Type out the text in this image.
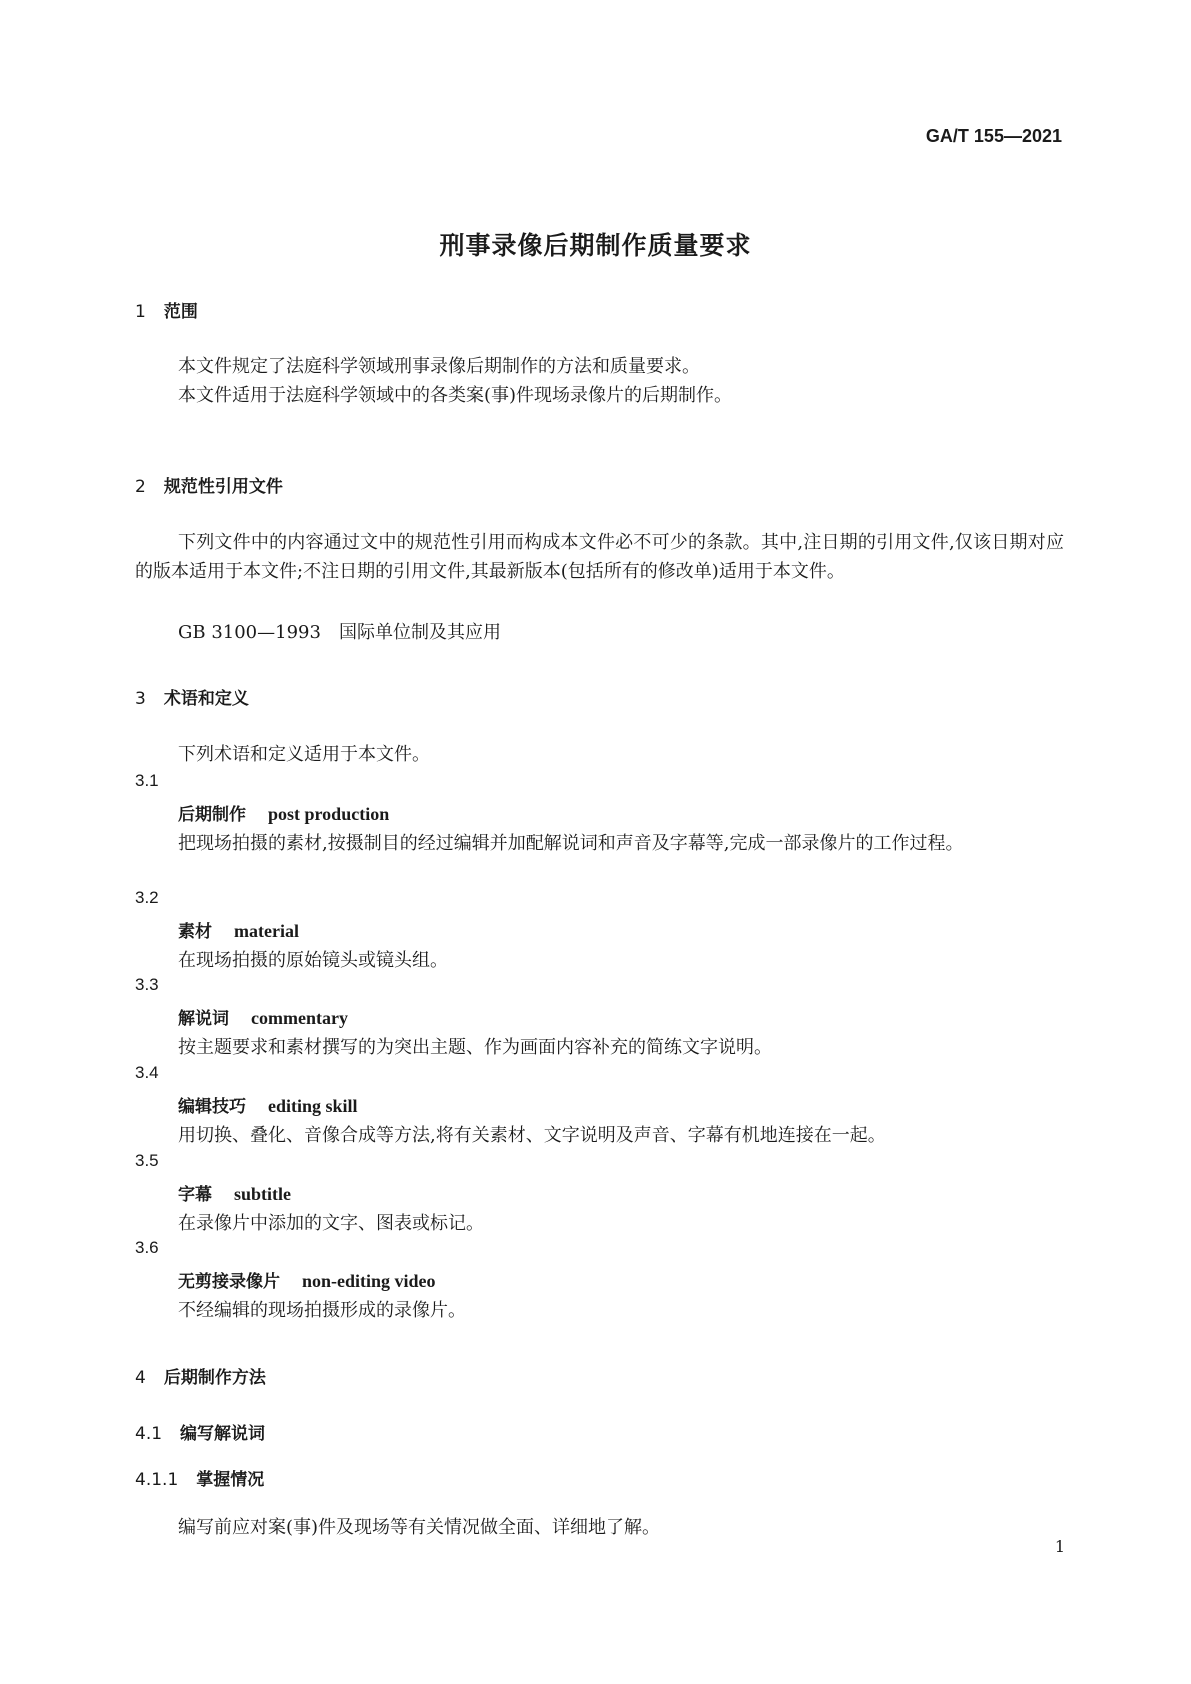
GA/T 155—2021
刑事录像后期制作质量要求
1 范围
本文件规定了法庭科学领域刑事录像后期制作的方法和质量要求。
本文件适用于法庭科学领域中的各类案(事)件现场录像片的后期制作。
2 规范性引用文件
下列文件中的内容通过文中的规范性引用而构成本文件必不可少的条款。其中,注日期的引用文件,仅该日期对应的版本适用于本文件;不注日期的引用文件,其最新版本(包括所有的修改单)适用于本文件。
GB 3100—1993　国际单位制及其应用
3 术语和定义
下列术语和定义适用于本文件。
3.1
后期制作 post production
把现场拍摄的素材,按摄制目的经过编辑并加配解说词和声音及字幕等,完成一部录像片的工作过程。
3.2
素材 material
在现场拍摄的原始镜头或镜头组。
3.3
解说词 commentary
按主题要求和素材撰写的为突出主题、作为画面内容补充的简练文字说明。
3.4
编辑技巧 editing skill
用切换、叠化、音像合成等方法,将有关素材、文字说明及声音、字幕有机地连接在一起。
3.5
字幕 subtitle
在录像片中添加的文字、图表或标记。
3.6
无剪接录像片 non-editing video
不经编辑的现场拍摄形成的录像片。
4 后期制作方法
4.1 编写解说词
4.1.1 掌握情况
编写前应对案(事)件及现场等有关情况做全面、详细地了解。
1
